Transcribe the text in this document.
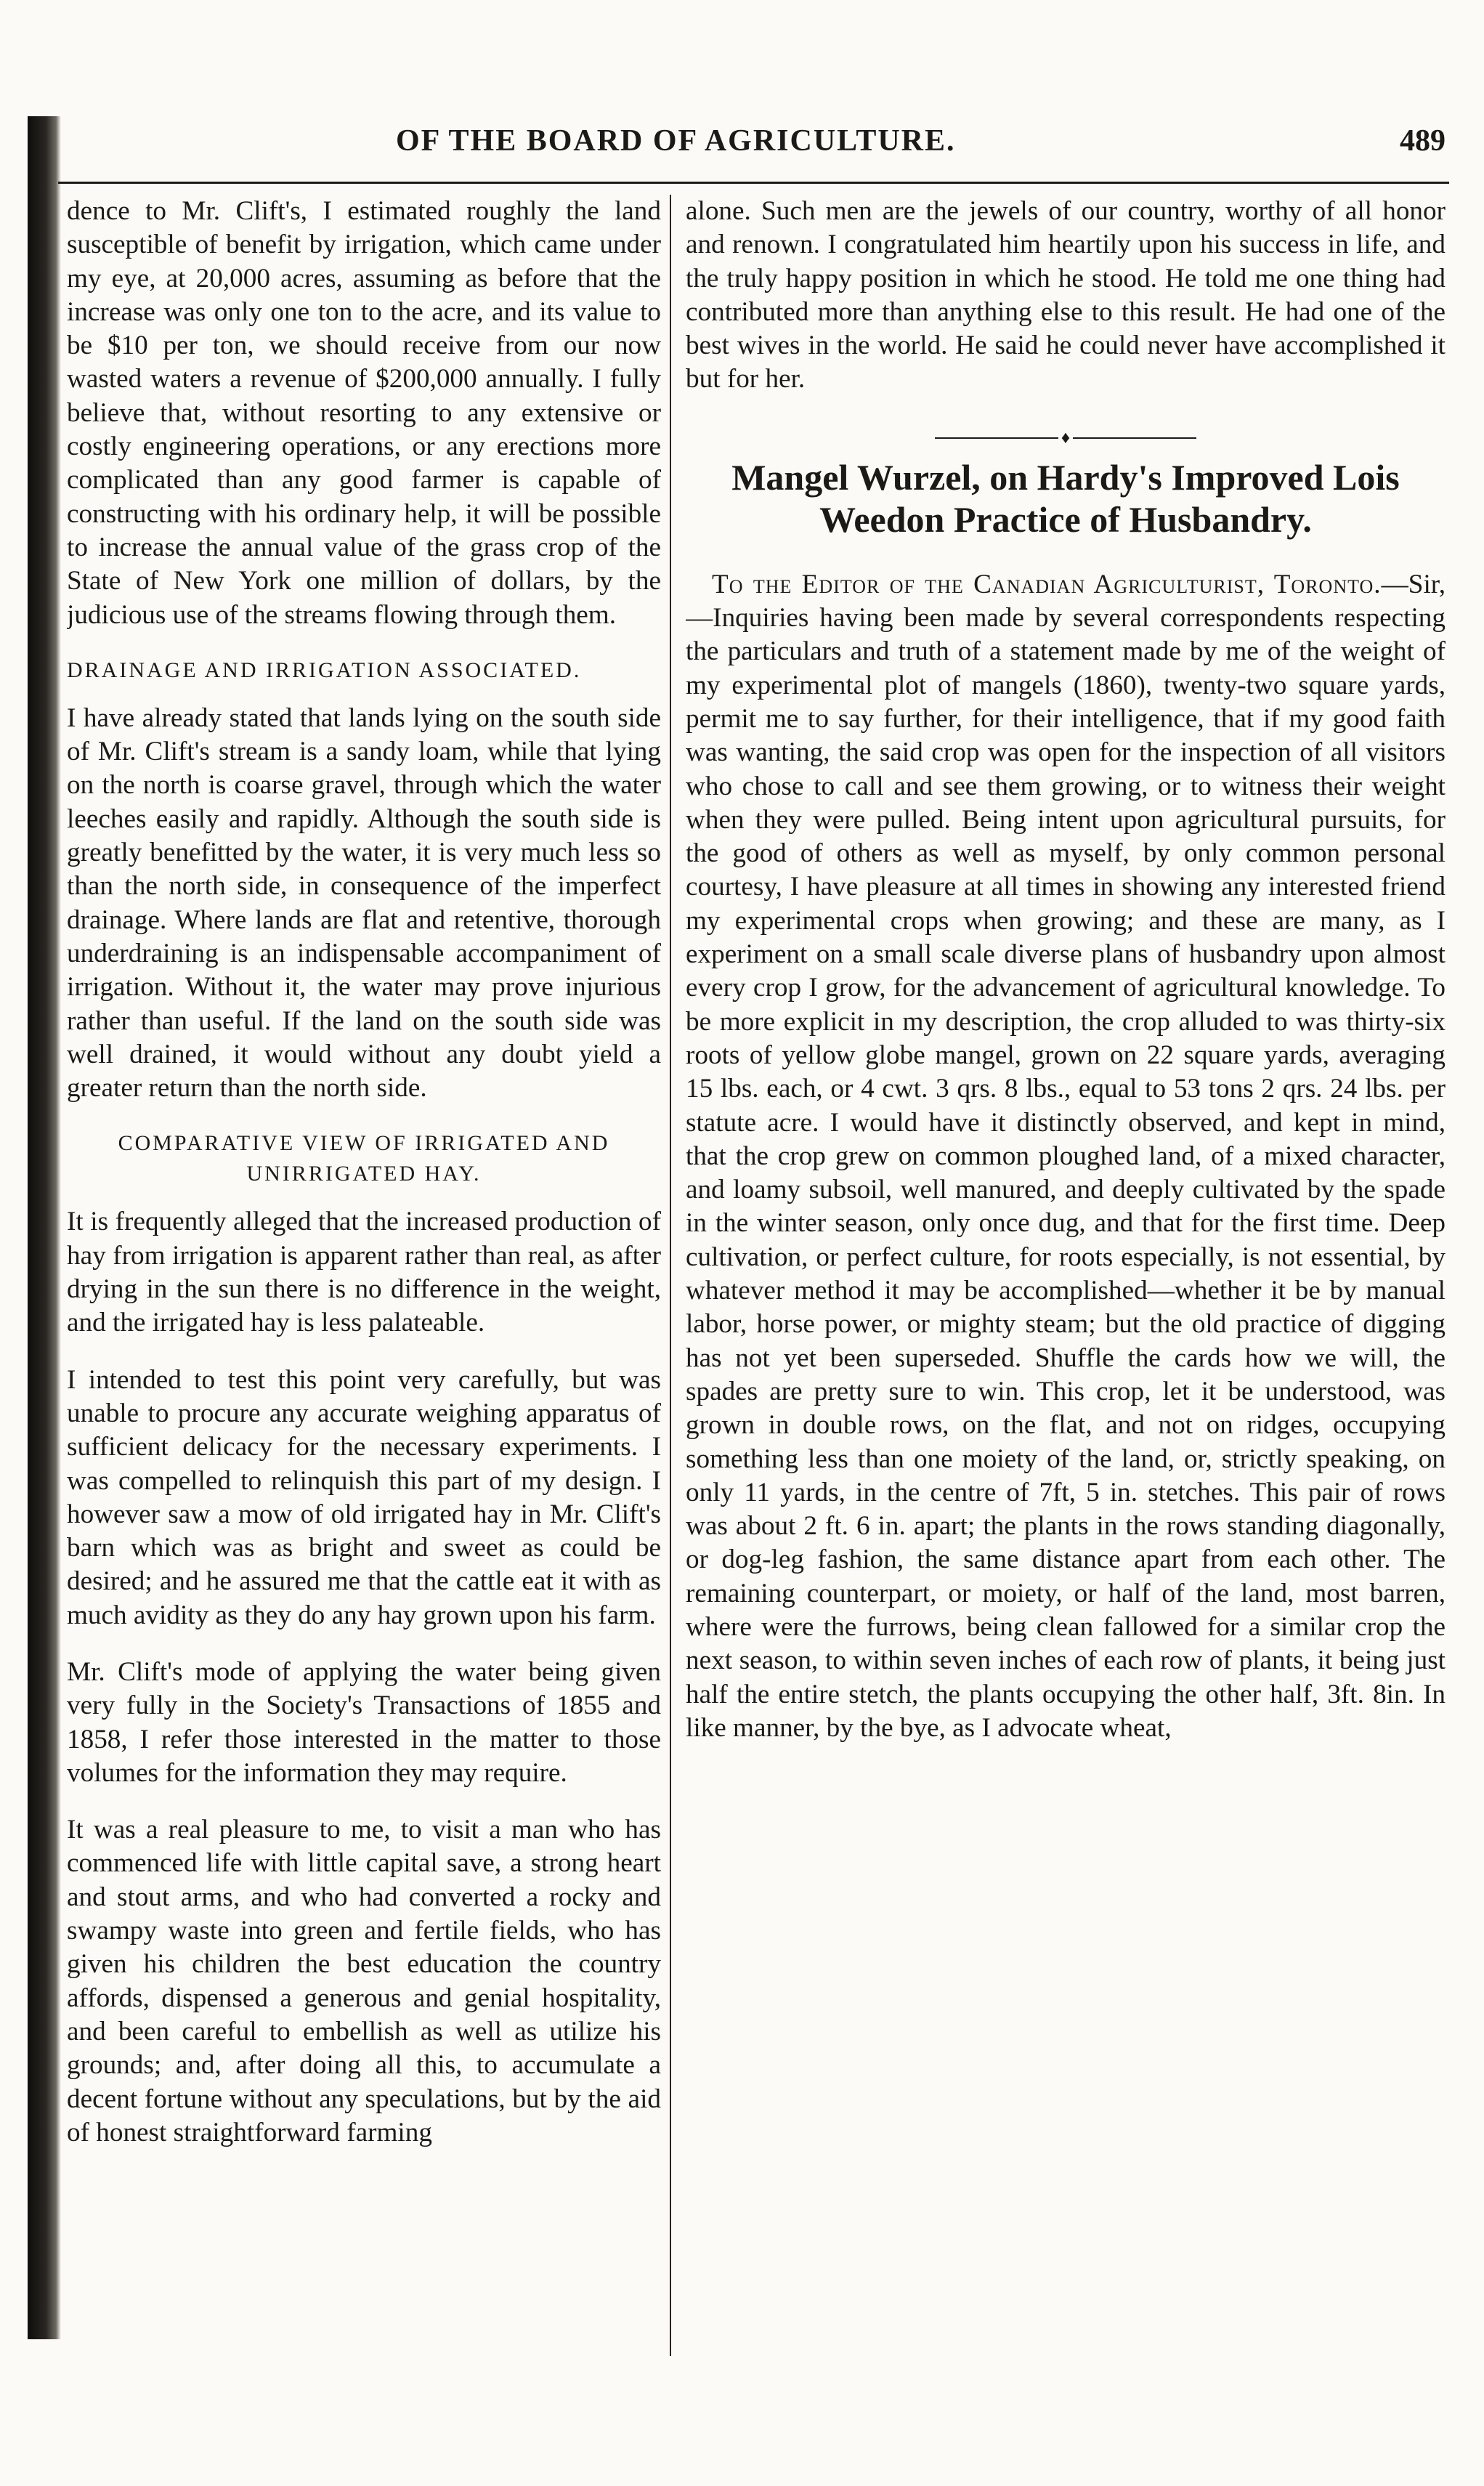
OF THE BOARD OF AGRICULTURE.	489

dence to Mr. Clift's, I estimated roughly the land susceptible of benefit by irrigation, which came under my eye, at 20,000 acres, assuming as before that the increase was only one ton to the acre, and its value to be $10 per ton, we should receive from our now wasted waters a revenue of $200,000 annually. I fully believe that, without resorting to any extensive or costly engineering operations, or any erections more complicated than any good farmer is capable of constructing with his ordinary help, it will be possible to increase the annual value of the grass crop of the State of New York one million of dollars, by the judicious use of the streams flowing through them.

DRAINAGE AND IRRIGATION ASSOCIATED.

I have already stated that lands lying on the south side of Mr. Clift's stream is a sandy loam, while that lying on the north is coarse gravel, through which the water leeches easily and rapidly. Although the south side is greatly benefitted by the water, it is very much less so than the north side, in consequence of the imperfect drainage. Where lands are flat and retentive, thorough underdraining is an indispensable accompaniment of irrigation. Without it, the water may prove injurious rather than useful. If the land on the south side was well drained, it would without any doubt yield a greater return than the north side.

COMPARATIVE VIEW OF IRRIGATED AND UNIRRIGATED HAY.

It is frequently alleged that the increased production of hay from irrigation is apparent rather than real, as after drying in the sun there is no difference in the weight, and the irrigated hay is less palateable.

I intended to test this point very carefully, but was unable to procure any accurate weighing apparatus of sufficient delicacy for the necessary experiments. I was compelled to relinquish this part of my design. I however saw a mow of old irrigated hay in Mr. Clift's barn which was as bright and sweet as could be desired; and he assured me that the cattle eat it with as much avidity as they do any hay grown upon his farm.

Mr. Clift's mode of applying the water being given very fully in the Society's Transactions of 1855 and 1858, I refer those interested in the matter to those volumes for the information they may require.

It was a real pleasure to me, to visit a man who has commenced life with little capital save, a strong heart and stout arms, and who had converted a rocky and swampy waste into green and fertile fields, who has given his children the best education the country affords, dispensed a generous and genial hospitality, and been careful to embellish as well as utilize his grounds; and, after doing all this, to accumulate a decent fortune without any speculations, but by the aid of honest straightforward farming

alone. Such men are the jewels of our country, worthy of all honor and renown. I congratulated him heartily upon his success in life, and the truly happy position in which he stood. He told me one thing had contributed more than anything else to this result. He had one of the best wives in the world. He said he could never have accomplished it but for her.

♦
Mangel Wurzel, on Hardy's Improved Lois Weedon Practice of Husbandry.

To the Editor of the Canadian Agriculturist, Toronto.—Sir,—Inquiries having been made by several correspondents respecting the particulars and truth of a statement made by me of the weight of my experimental plot of mangels (1860), twenty-two square yards, permit me to say further, for their intelligence, that if my good faith was wanting, the said crop was open for the inspection of all visitors who chose to call and see them growing, or to witness their weight when they were pulled. Being intent upon agricultural pursuits, for the good of others as well as myself, by only common personal courtesy, I have pleasure at all times in showing any interested friend my experimental crops when growing; and these are many, as I experiment on a small scale diverse plans of husbandry upon almost every crop I grow, for the advancement of agricultural knowledge. To be more explicit in my description, the crop alluded to was thirty-six roots of yellow globe mangel, grown on 22 square yards, averaging 15 lbs. each, or 4 cwt. 3 qrs. 8 lbs., equal to 53 tons 2 qrs. 24 lbs. per statute acre. I would have it distinctly observed, and kept in mind, that the crop grew on common ploughed land, of a mixed character, and loamy subsoil, well manured, and deeply cultivated by the spade in the winter season, only once dug, and that for the first time. Deep cultivation, or perfect culture, for roots especially, is not essential, by whatever method it may be accomplished—whether it be by manual labor, horse power, or mighty steam; but the old practice of digging has not yet been superseded. Shuffle the cards how we will, the spades are pretty sure to win. This crop, let it be understood, was grown in double rows, on the flat, and not on ridges, occupying something less than one moiety of the land, or, strictly speaking, on only 11 yards, in the centre of 7ft, 5 in. stetches. This pair of rows was about 2 ft. 6 in. apart; the plants in the rows standing diagonally, or dog-leg fashion, the same distance apart from each other. The remaining counterpart, or moiety, or half of the land, most barren, where were the furrows, being clean fallowed for a similar crop the next season, to within seven inches of each row of plants, it being just half the entire stetch, the plants occupying the other half, 3ft. 8in. In like manner, by the bye, as I advocate wheat,
